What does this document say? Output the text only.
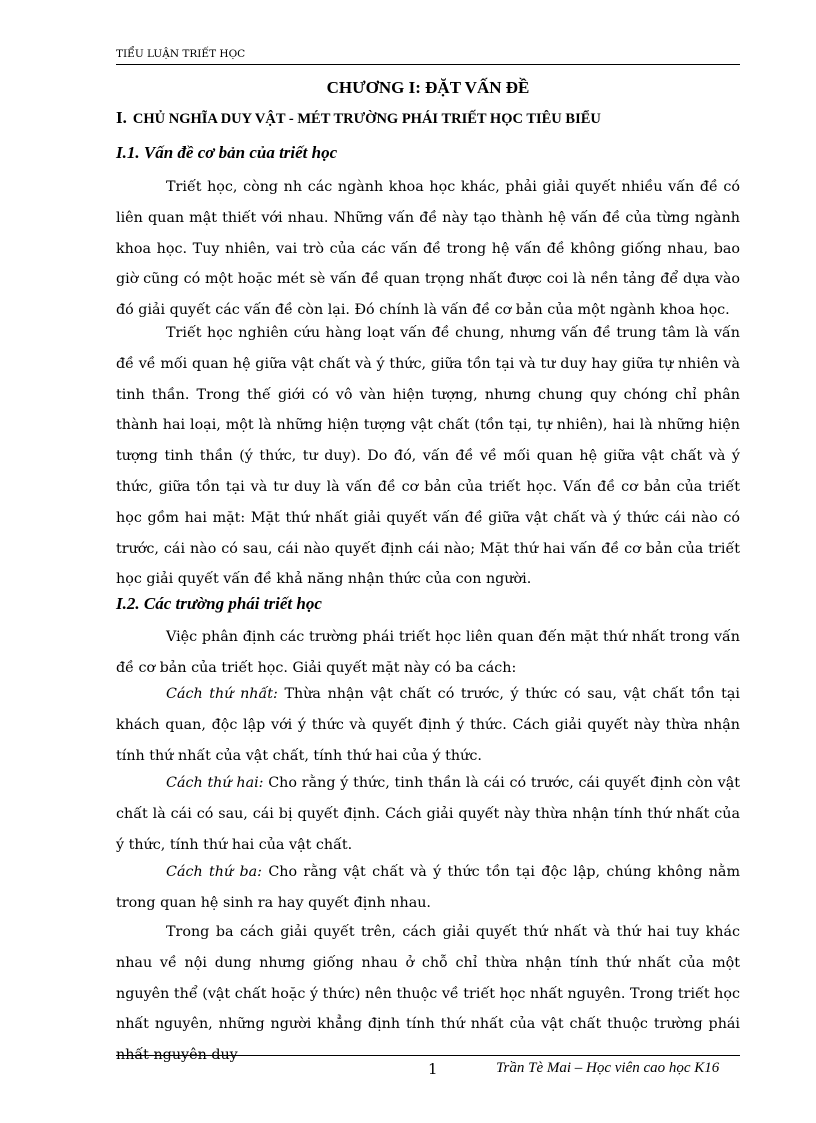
TIỂU LUẬN TRIẾT HỌC
CHƯƠNG I: ĐẶT VẤN ĐỀ
I. CHỦ NGHĨA DUY VẬT - MÉT TRƯỜNG PHÁI TRIẾT HỌC TIÊU BIỂU
I.1. Vấn đề cơ bản của triết học

Triết học, còng nh các ngành khoa học khác, phải giải quyết nhiều vấn đề có liên quan mật thiết với nhau. Những vấn đề này tạo thành hệ vấn đề của từng ngành khoa học. Tuy nhiên, vai trò của các vấn đề trong hệ vấn đề không giống nhau, bao giờ cũng có một hoặc mét sè vấn đề quan trọng nhất được coi là nền tảng để dựa vào đó giải quyết các vấn đề còn lại. Đó chính là vấn đề cơ bản của một ngành khoa học.

Triết học nghiên cứu hàng loạt vấn đề chung, nhưng vấn đề trung tâm là vấn đề về mối quan hệ giữa vật chất và ý thức, giữa tồn tại và tư duy hay giữa tự nhiên và tinh thần. Trong thế giới có vô vàn hiện tượng, nhưng chung quy chóng chỉ phân thành hai loại, một là những hiện tượng vật chất (tồn tại, tự nhiên), hai là những hiện tượng tinh thần (ý thức, tư duy). Do đó, vấn đề về mối quan hệ giữa vật chất và ý thức, giữa tồn tại và tư duy là vấn đề cơ bản của triết học. Vấn đề cơ bản của triết học gồm hai mặt: Mặt thứ nhất giải quyết vấn đề giữa vật chất và ý thức cái nào có trước, cái nào có sau, cái nào quyết định cái nào; Mặt thứ hai vấn đề cơ bản của triết học giải quyết vấn đề khả năng nhận thức của con người.

I.2. Các trường phái triết học

Việc phân định các trường phái triết học liên quan đến mặt thứ nhất trong vấn đề cơ bản của triết học. Giải quyết mặt này có ba cách:

Cách thứ nhất: Thừa nhận vật chất có trước, ý thức có sau, vật chất tồn tại khách quan, độc lập với ý thức và quyết định ý thức. Cách giải quyết này thừa nhận tính thứ nhất của vật chất, tính thứ hai của ý thức.

Cách thứ hai: Cho rằng ý thức, tinh thần là cái có trước, cái quyết định còn vật chất là cái có sau, cái bị quyết định. Cách giải quyết này thừa nhận tính thứ nhất của ý thức, tính thứ hai của vật chất.

Cách thứ ba: Cho rằng vật chất và ý thức tồn tại độc lập, chúng không nằm trong quan hệ sinh ra hay quyết định nhau.

Trong ba cách giải quyết trên, cách giải quyết thứ nhất và thứ hai tuy khác nhau về nội dung nhưng giống nhau ở chỗ chỉ thừa nhận tính thứ nhất của một nguyên thể (vật chất hoặc ý thức) nên thuộc về triết học nhất nguyên. Trong triết học nhất nguyên, những người khẳng định tính thứ nhất của vật chất thuộc trường phái nhất nguyên duy

1	Trần Tè Mai – Học viên cao học K16
